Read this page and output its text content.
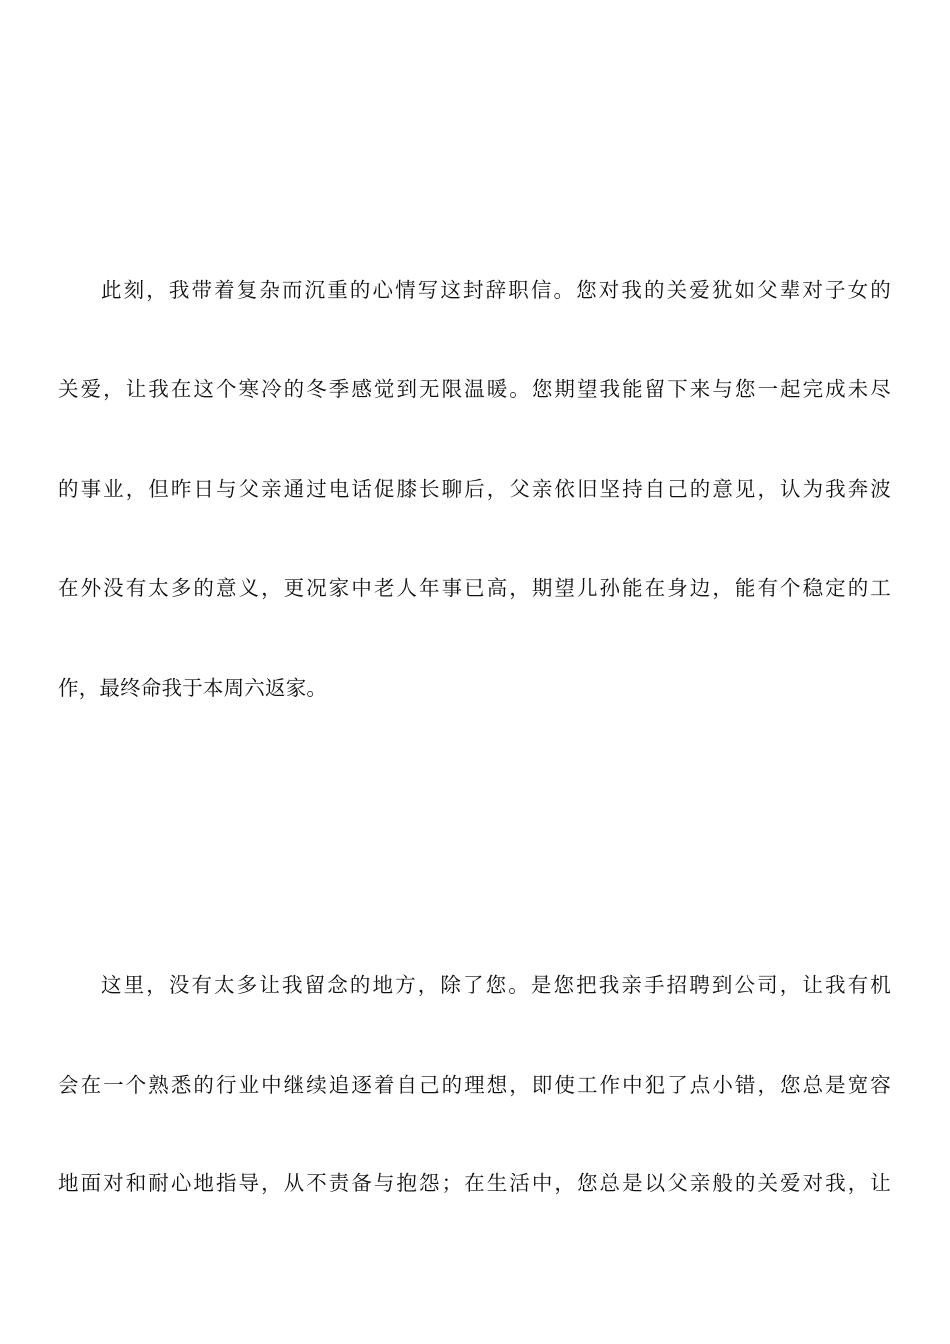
此刻，我带着复杂而沉重的心情写这封辞职信。您对我的关爱犹如父辈对子女的
关爱，让我在这个寒冷的冬季感觉到无限温暖。您期望我能留下来与您一起完成未尽
的事业，但昨日与父亲通过电话促膝长聊后，父亲依旧坚持自己的意见，认为我奔波
在外没有太多的意义，更况家中老人年事已高，期望儿孙能在身边，能有个稳定的工
作，最终命我于本周六返家。
这里，没有太多让我留念的地方，除了您。是您把我亲手招聘到公司，让我有机
会在一个熟悉的行业中继续追逐着自己的理想，即使工作中犯了点小错，您总是宽容
地面对和耐心地指导，从不责备与抱怨；在生活中，您总是以父亲般的关爱对我，让
